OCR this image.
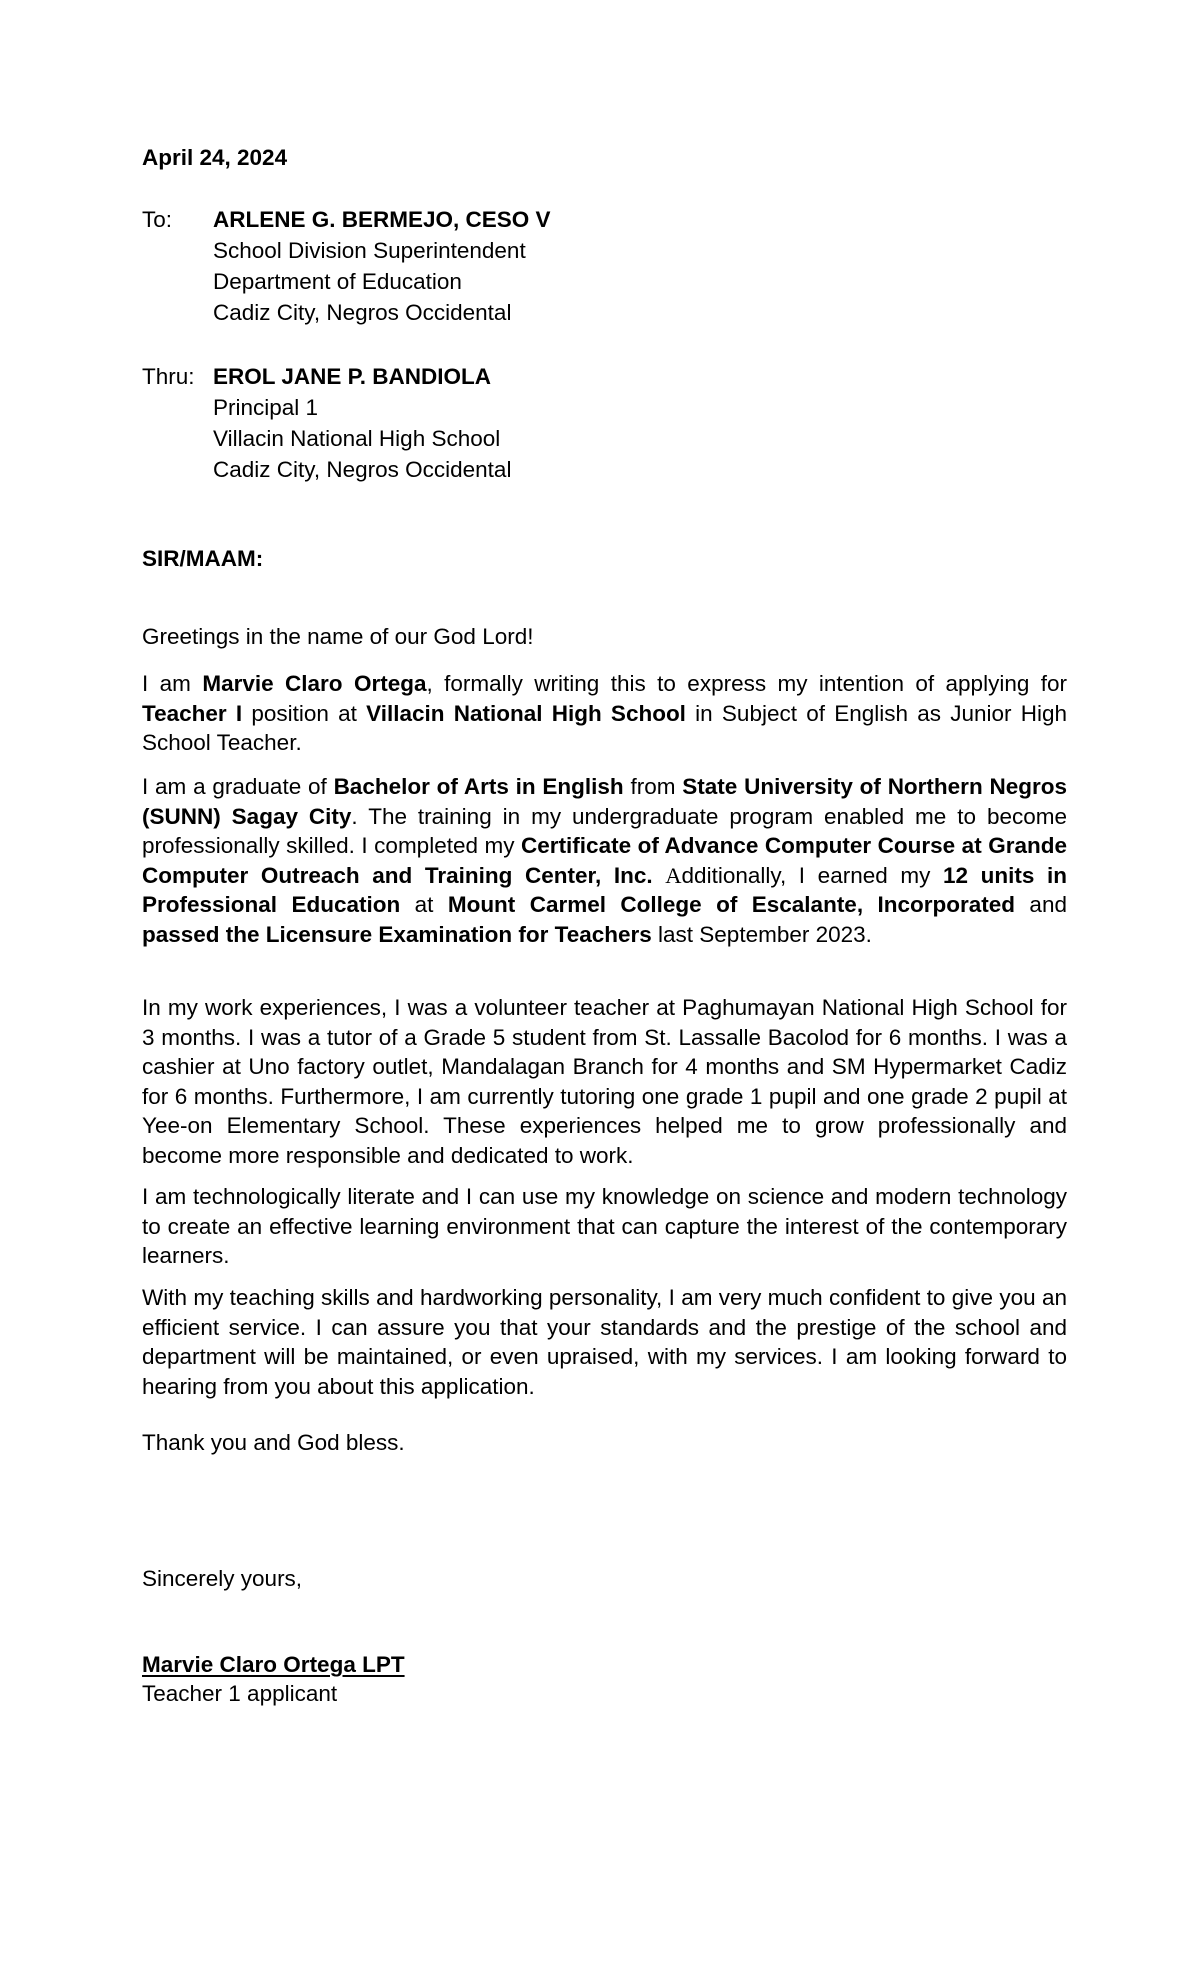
April 24, 2024
To:	ARLENE G. BERMEJO, CESO V
School Division Superintendent
Department of Education
Cadiz City, Negros Occidental
Thru: EROL JANE P. BANDIOLA
Principal 1
Villacin National High School
Cadiz City, Negros Occidental
SIR/MAAM:
Greetings in the name of our God Lord!
I am Marvie Claro Ortega, formally writing this to express my intention of applying for Teacher I position at Villacin National High School in Subject of English as Junior High School Teacher.
I am a graduate of Bachelor of Arts in English from State University of Northern Negros (SUNN) Sagay City. The training in my undergraduate program enabled me to become professionally skilled. I completed my Certificate of Advance Computer Course at Grande Computer Outreach and Training Center, Inc. Additionally, I earned my 12 units in Professional Education at Mount Carmel College of Escalante, Incorporated and passed the Licensure Examination for Teachers last September 2023.
In my work experiences, I was a volunteer teacher at Paghumayan National High School for 3 months. I was a tutor of a Grade 5 student from St. Lassalle Bacolod for 6 months. I was a cashier at Uno factory outlet, Mandalagan Branch for 4 months and SM Hypermarket Cadiz for 6 months. Furthermore, I am currently tutoring one grade 1 pupil and one grade 2 pupil at Yee-on Elementary School. These experiences helped me to grow professionally and become more responsible and dedicated to work.
I am technologically literate and I can use my knowledge on science and modern technology to create an effective learning environment that can capture the interest of the contemporary learners.
With my teaching skills and hardworking personality, I am very much confident to give you an efficient service. I can assure you that your standards and the prestige of the school and department will be maintained, or even upraised, with my services. I am looking forward to hearing from you about this application.
Thank you and God bless.
Sincerely yours,
Marvie Claro Ortega LPT
Teacher 1 applicant
